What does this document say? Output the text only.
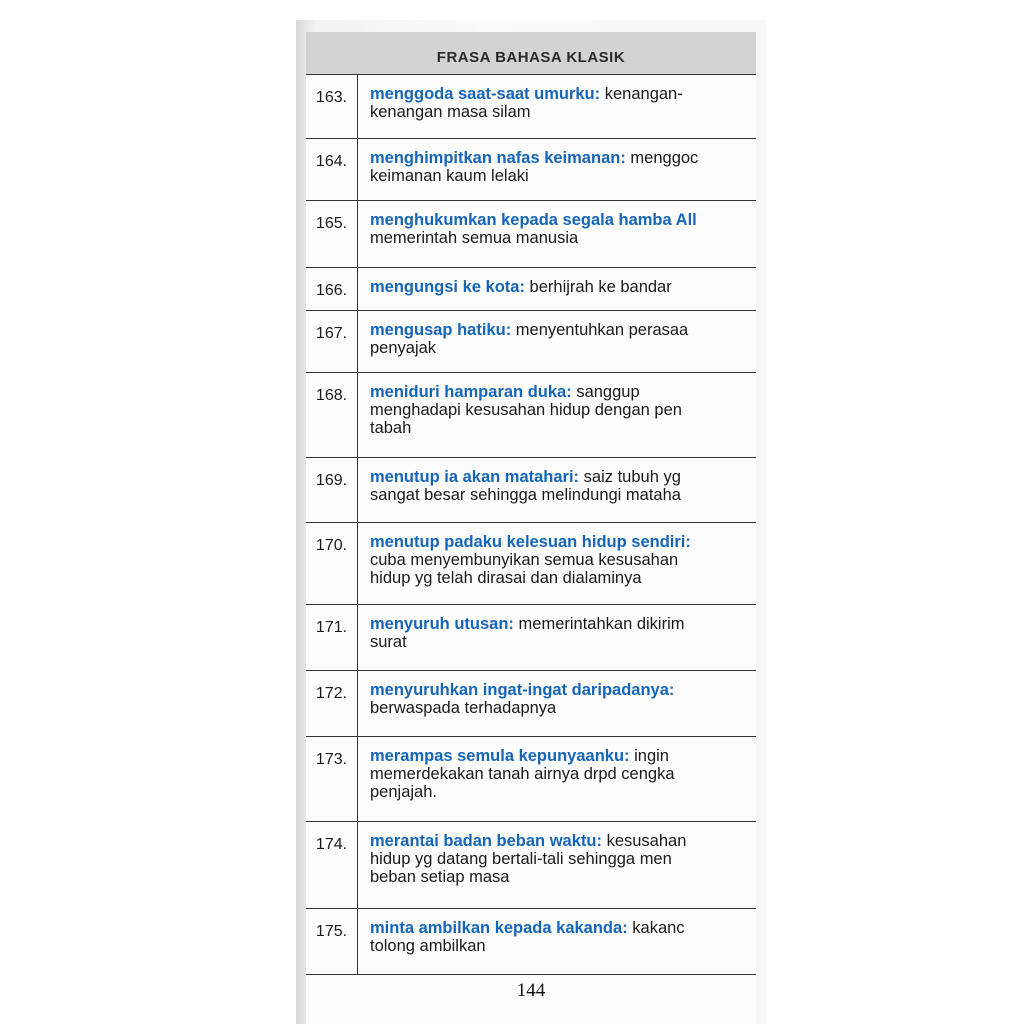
FRASA BAHASA KLASIK
163.	menggoda saat-saat umurku: kenangan-
kenangan masa silam
164.	menghimpitkan nafas keimanan: menggoc
keimanan kaum lelaki
165.	menghukumkan kepada segala hamba All
memerintah semua manusia
166.	mengungsi ke kota: berhijrah ke bandar
167.	mengusap hatiku: menyentuhkan perasaa
penyajak
168.	meniduri hamparan duka: sanggup
menghadapi kesusahan hidup dengan pen
tabah
169.	menutup ia akan matahari: saiz tubuh yg
sangat besar sehingga melindungi mataha
170.	menutup padaku kelesuan hidup sendiri:
cuba menyembunyikan semua kesusahan
hidup yg telah dirasai dan dialaminya
171.	menyuruh utusan: memerintahkan dikirim
surat
172.	menyuruhkan ingat-ingat daripadanya:
berwaspada terhadapnya
173.	merampas semula kepunyaanku: ingin
memerdekakan tanah airnya drpd cengka
penjajah.
174.	merantai badan beban waktu: kesusahan
hidup yg datang bertali-tali sehingga men
beban setiap masa
175.	minta ambilkan kepada kakanda: kakanc
tolong ambilkan
144
